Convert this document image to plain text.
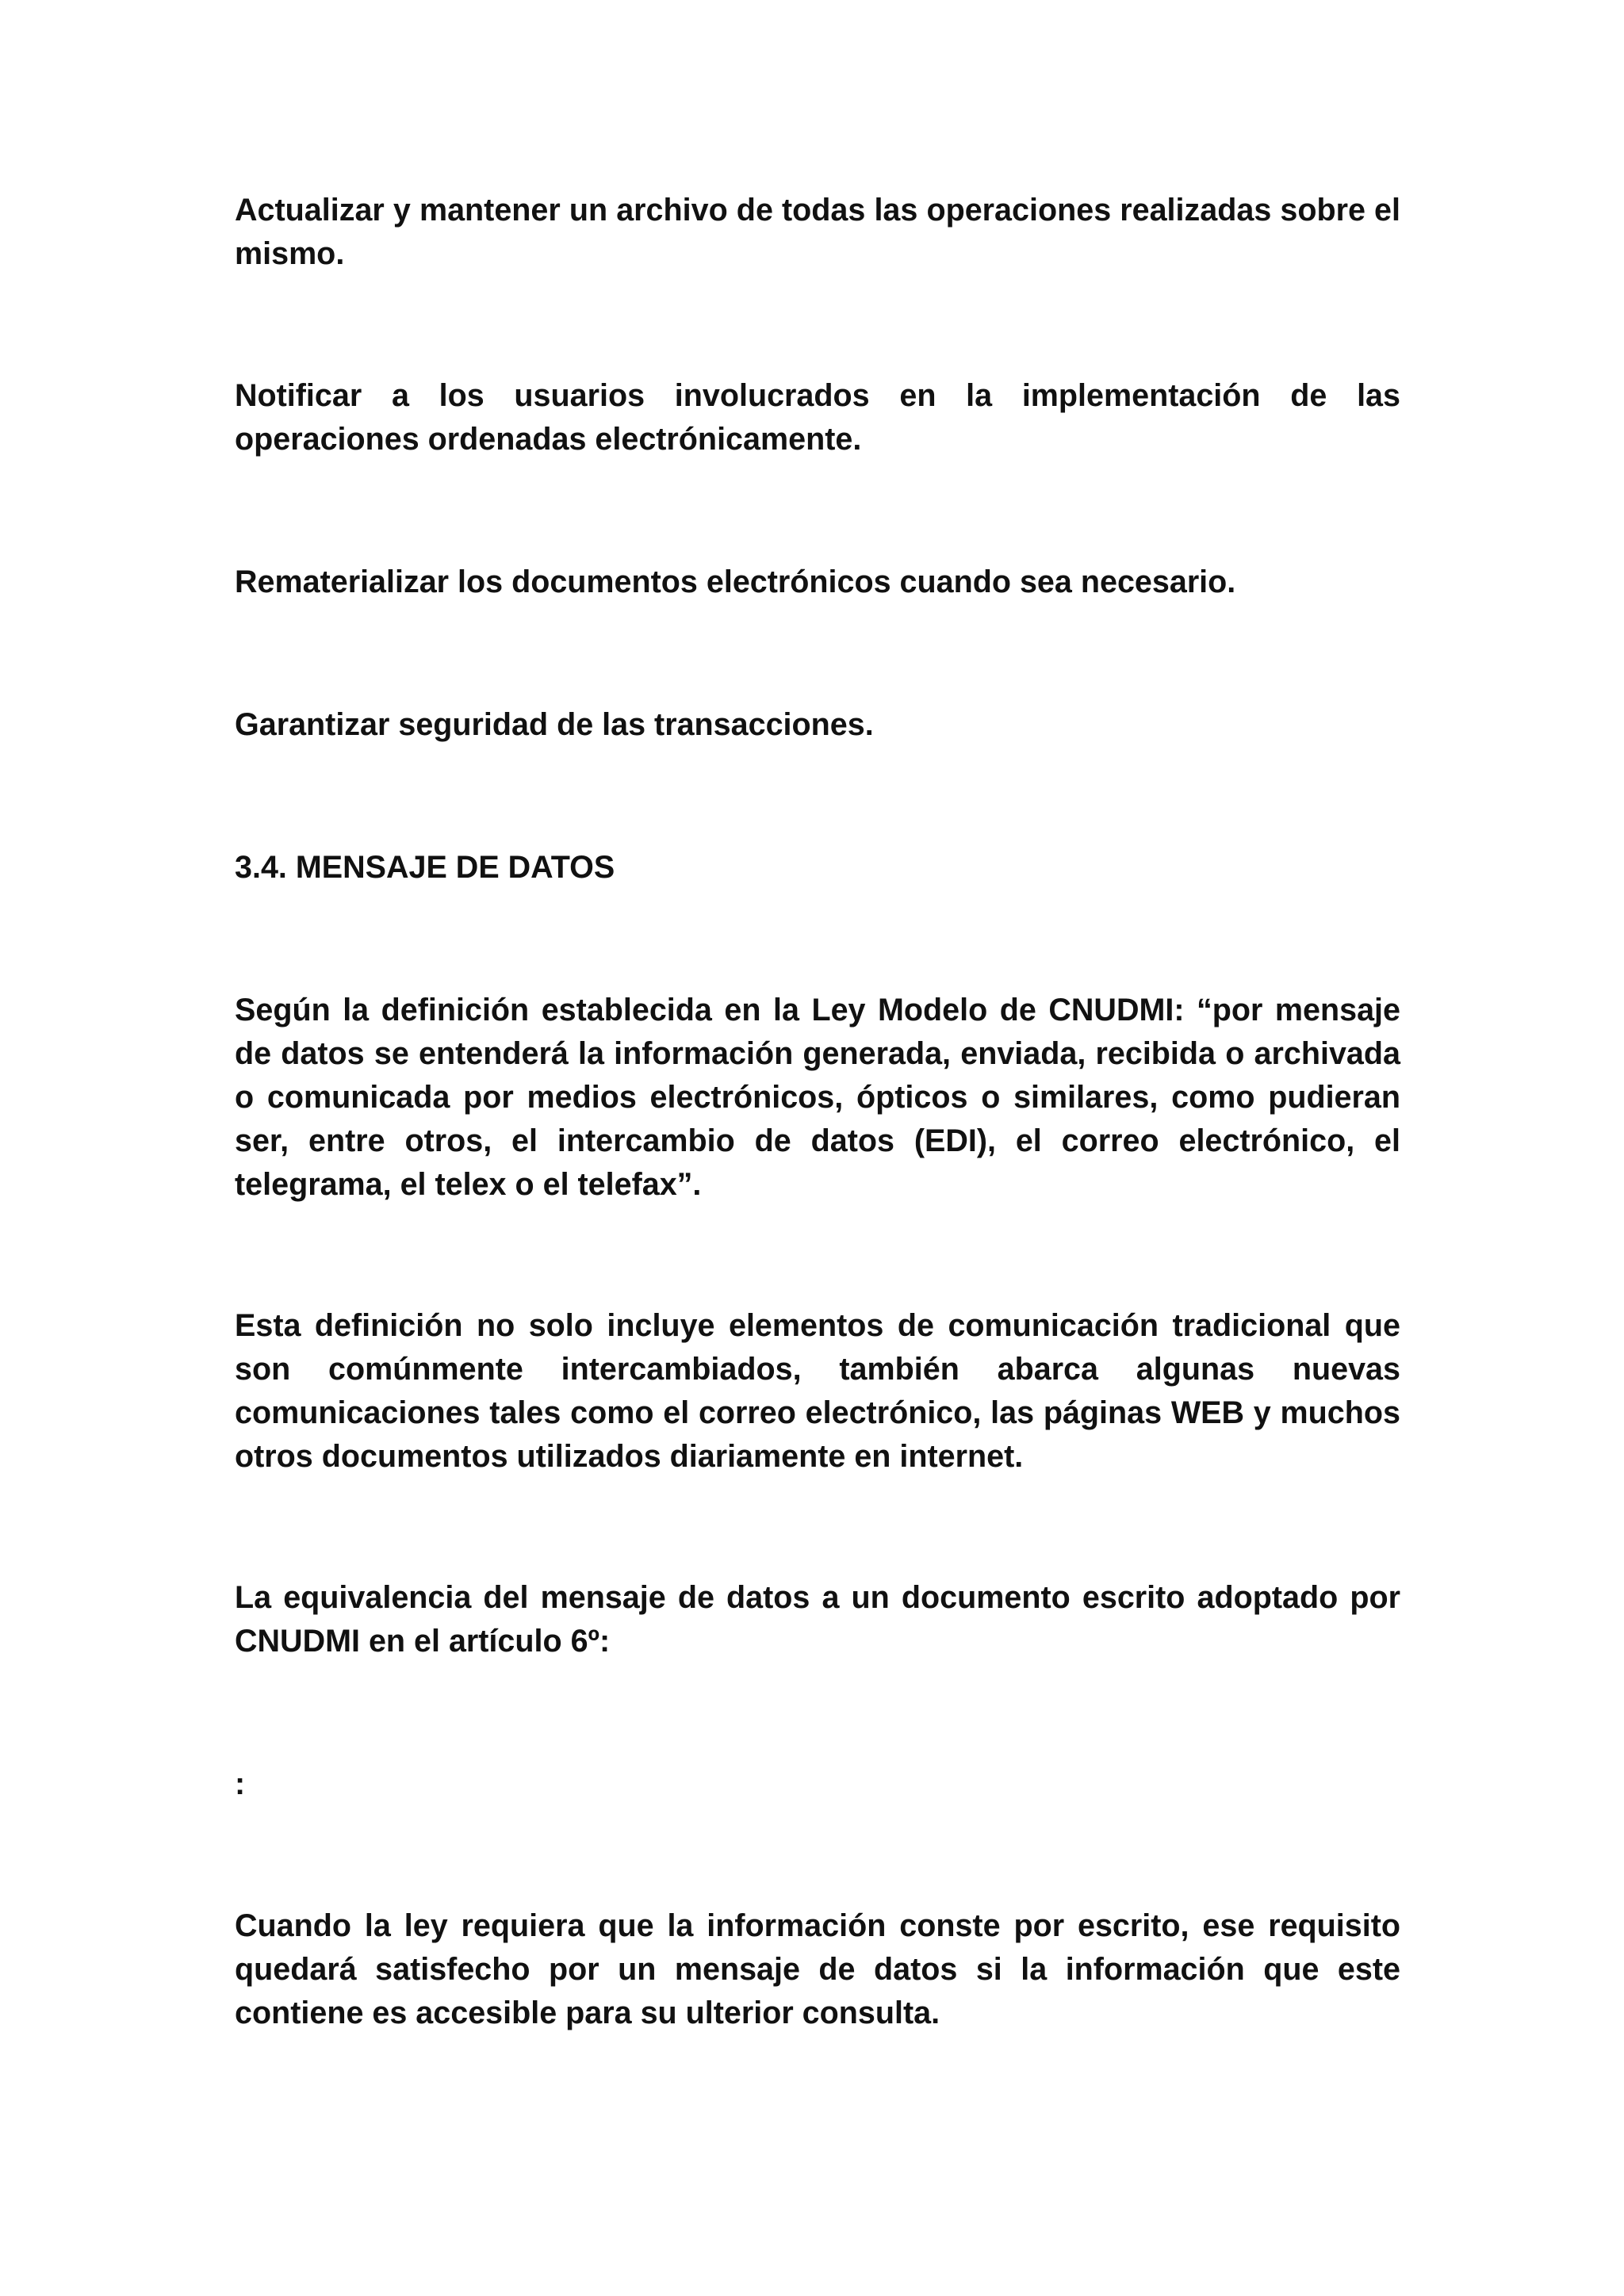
Actualizar y mantener un archivo de todas las operaciones realizadas sobre el mismo.

Notificar a los usuarios involucrados en la implementación de las operaciones ordenadas electrónicamente.

Rematerializar los documentos electrónicos cuando sea necesario.

Garantizar seguridad de las transacciones.

3.4. MENSAJE DE DATOS

Según la definición establecida en la Ley Modelo de CNUDMI: “por mensaje de datos se entenderá la información generada, enviada, recibida o archivada o comunicada por medios electrónicos, ópticos o similares, como pudieran ser, entre otros, el intercambio de datos (EDI), el correo electrónico, el telegrama, el telex o el telefax”.

Esta definición no solo incluye elementos de comunicación tradicional que son comúnmente intercambiados, también abarca algunas nuevas comunicaciones tales como el correo electrónico, las páginas WEB y muchos otros documentos utilizados diariamente en internet.

La equivalencia del mensaje de datos a un documento escrito adoptado por CNUDMI en el artículo 6º:

:

Cuando la ley requiera que la información conste por escrito, ese requisito quedará satisfecho por un mensaje de datos si la información que este contiene es accesible para su ulterior consulta.
